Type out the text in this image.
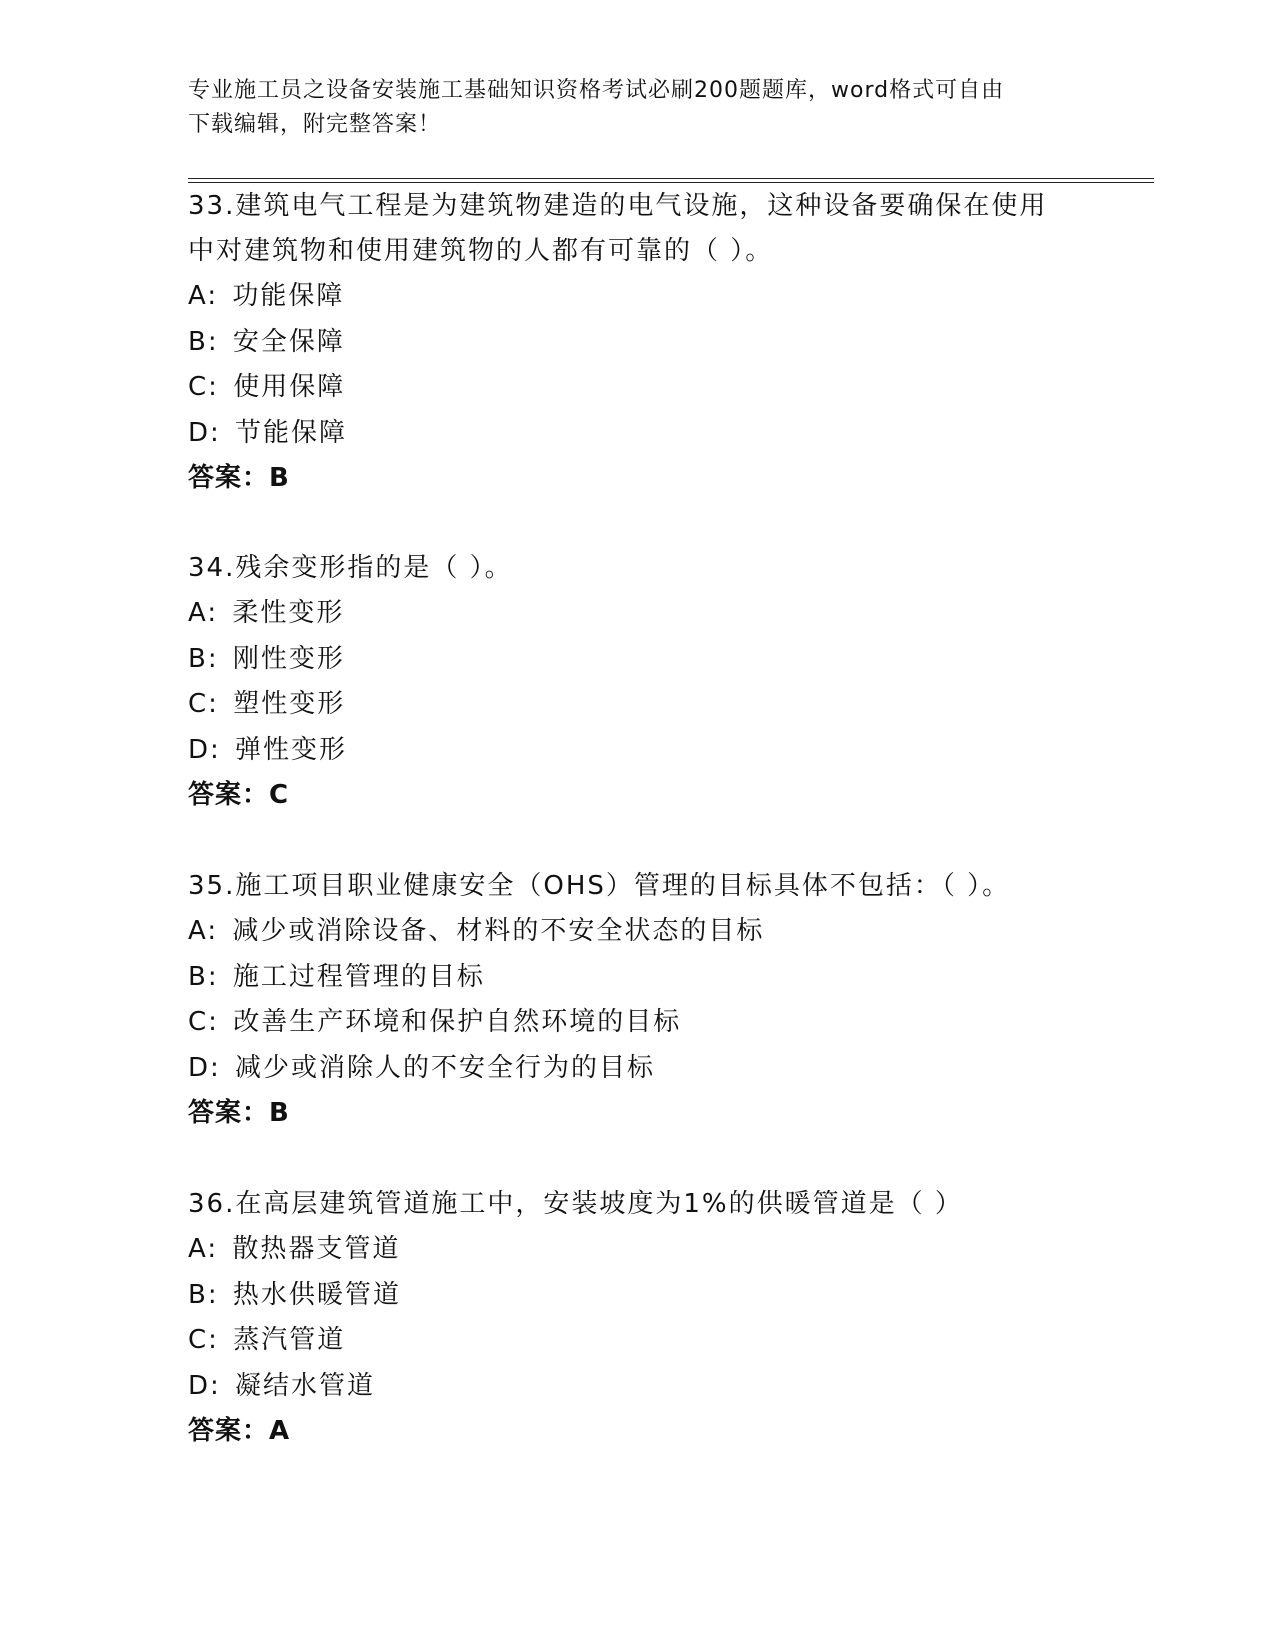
专业施工员之设备安装施工基础知识资格考试必刷200题题库，word格式可自由
下载编辑，附完整答案！

33.建筑电气工程是为建筑物建造的电气设施，这种设备要确保在使用

中对建筑物和使用建筑物的人都有可靠的（ ）。

A: 功能保障

B: 安全保障

C: 使用保障

D: 节能保障

答案：B

34.残余变形指的是（ ）。

A: 柔性变形

B: 刚性变形

C: 塑性变形

D: 弹性变形

答案：C

35.施工项目职业健康安全（OHS）管理的目标具体不包括：（ ）。

A: 减少或消除设备、材料的不安全状态的目标

B: 施工过程管理的目标

C: 改善生产环境和保护自然环境的目标

D: 减少或消除人的不安全行为的目标

答案：B

36.在高层建筑管道施工中，安装坡度为1%的供暖管道是（ ）

A: 散热器支管道

B: 热水供暖管道

C: 蒸汽管道

D: 凝结水管道

答案：A
